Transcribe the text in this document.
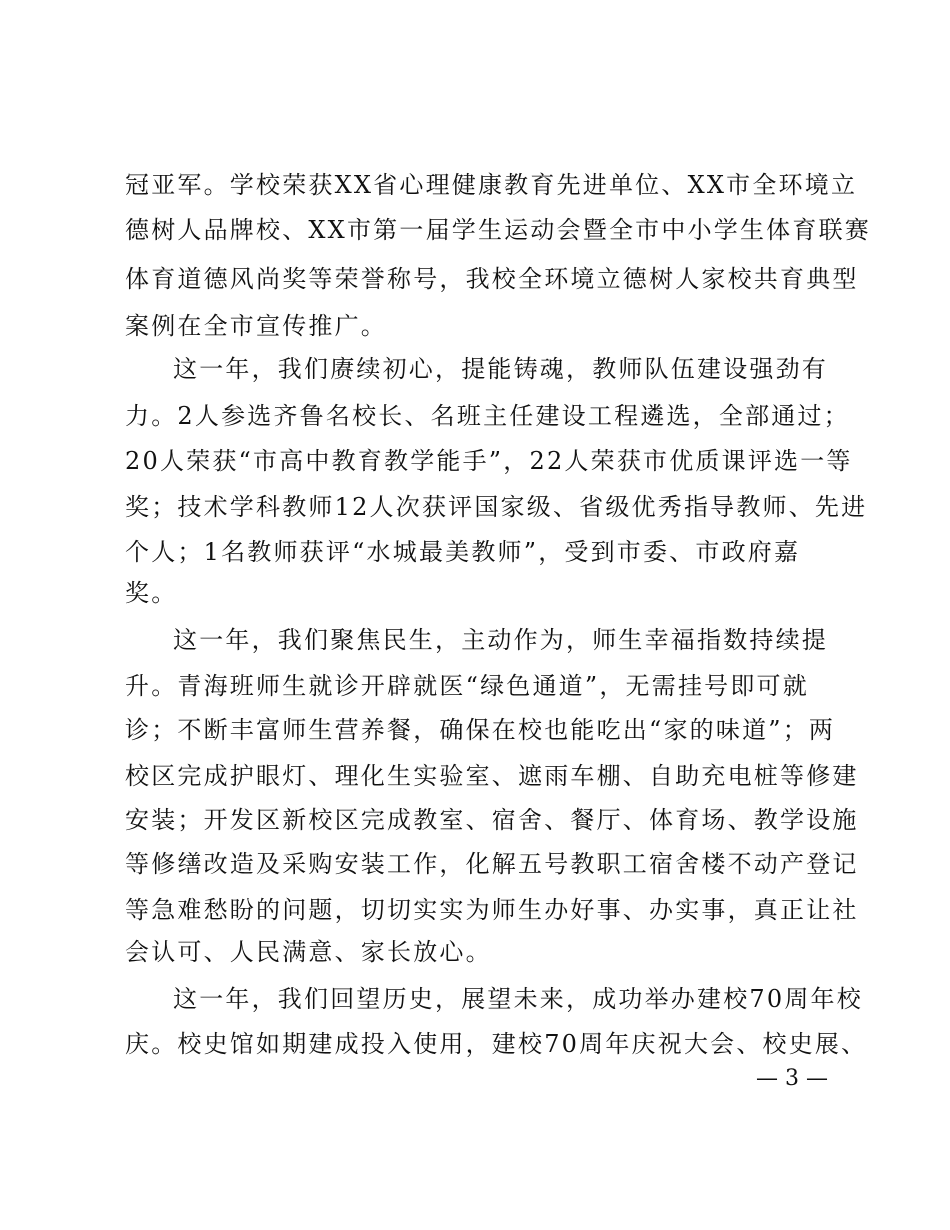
冠亚军。学校荣获XX省心理健康教育先进单位、XX市全环境立
德树人品牌校、XX市第一届学生运动会暨全市中小学生体育联赛
体育道德风尚奖等荣誉称号，我校全环境立德树人家校共育典型
案例在全市宣传推广。
这一年，我们赓续初心，提能铸魂，教师队伍建设强劲有
力。2人参选齐鲁名校长、名班主任建设工程遴选，全部通过；
20人荣获“市高中教育教学能手”，22人荣获市优质课评选一等
奖；技术学科教师12人次获评国家级、省级优秀指导教师、先进
个人；1名教师获评“水城最美教师”，受到市委、市政府嘉
奖。
这一年，我们聚焦民生，主动作为，师生幸福指数持续提
升。青海班师生就诊开辟就医“绿色通道”，无需挂号即可就
诊；不断丰富师生营养餐，确保在校也能吃出“家的味道”；两
校区完成护眼灯、理化生实验室、遮雨车棚、自助充电桩等修建
安装；开发区新校区完成教室、宿舍、餐厅、体育场、教学设施
等修缮改造及采购安装工作，化解五号教职工宿舍楼不动产登记
等急难愁盼的问题，切切实实为师生办好事、办实事，真正让社
会认可、人民满意、家长放心。
这一年，我们回望历史，展望未来，成功举办建校70周年校
庆。校史馆如期建成投入使用，建校70周年庆祝大会、校史展、
— 3 —
